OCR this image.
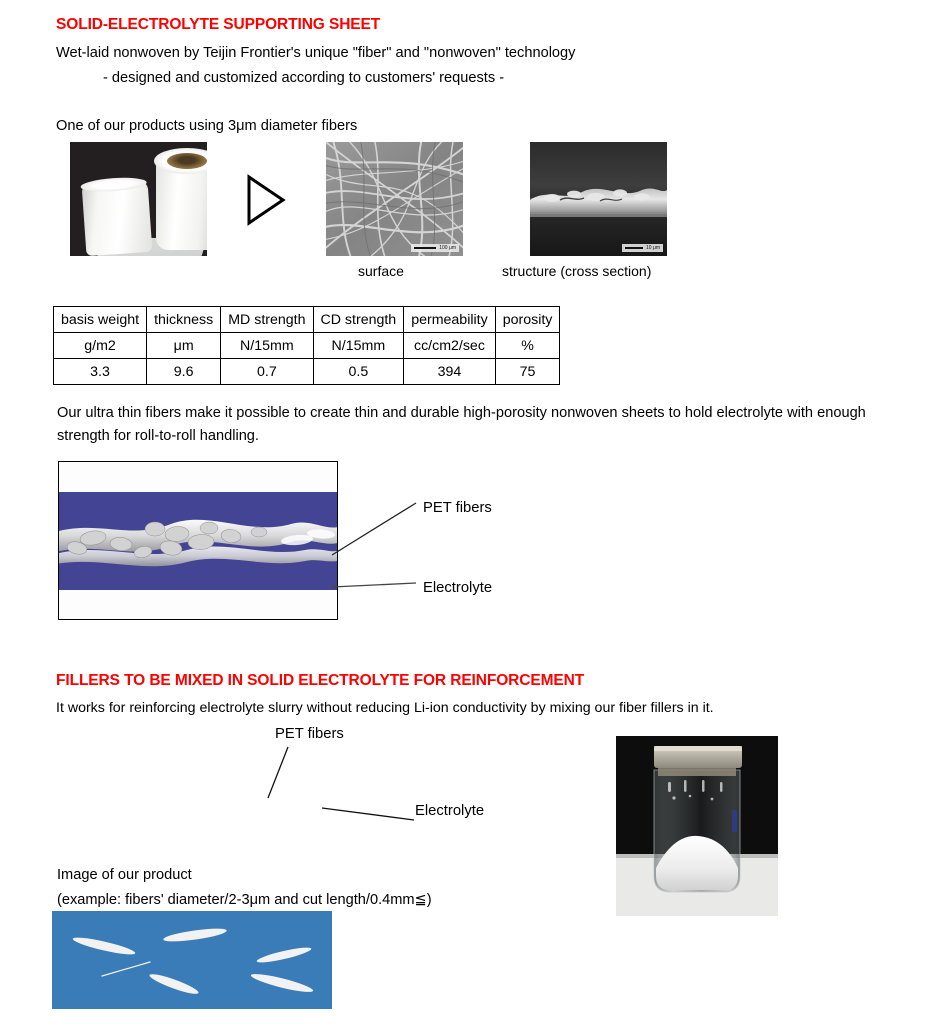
SOLID-ELECTROLYTE SUPPORTING SHEET
Wet-laid nonwoven by Teijin Frontier's unique "fiber" and "nonwoven" technology
- designed and customized according to customers' requests -
One of our products using 3μm diameter fibers
100 μm	10 μm
surface	structure (cross section)
basis weight	thickness	MD strength	CD strength	permeability	porosity
g/m2	μm	N/15mm	N/15mm	cc/cm2/sec	%
3.3	9.6	0.7	0.5	394	75
Our ultra thin fibers make it possible to create thin and durable high-porosity nonwoven sheets to hold electrolyte with enough strength for roll-to-roll handling.
PET fibers
Electrolyte
FILLERS TO BE MIXED IN SOLID ELECTROLYTE FOR REINFORCEMENT
It works for reinforcing electrolyte slurry without reducing Li-ion conductivity by mixing our fiber fillers in it.
PET fibers
Electrolyte
Image of our product
(example: fibers' diameter/2-3μm and cut length/0.4mm≦)
